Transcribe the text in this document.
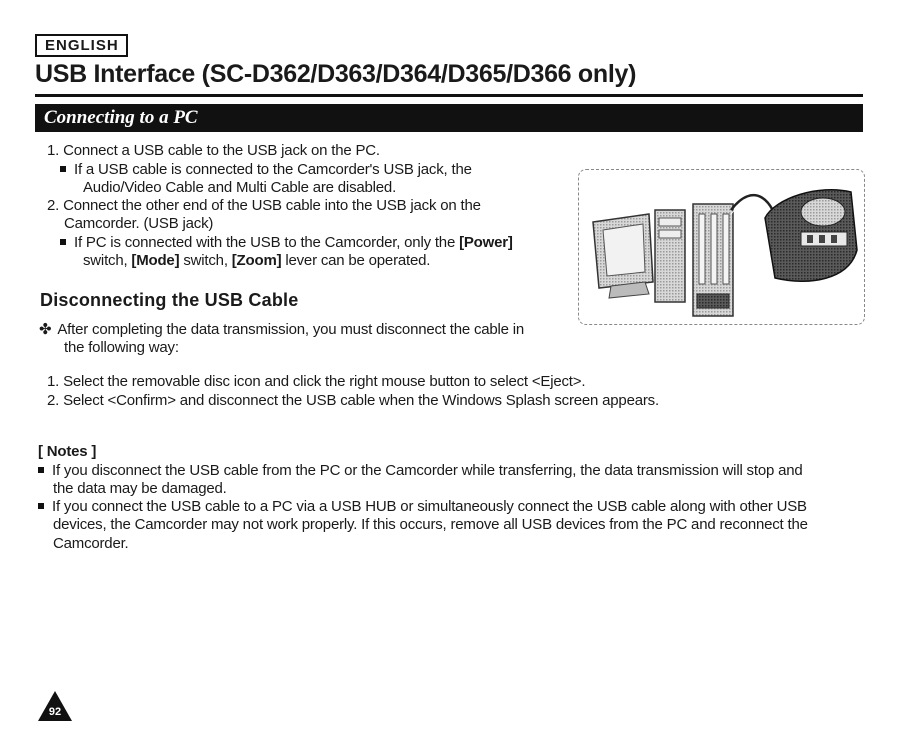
ENGLISH
USB Interface (SC-D362/D363/D364/D365/D366 only)
Connecting to a PC
1. Connect a USB cable to the USB jack on the PC.
If a USB cable is connected to the Camcorder's USB jack, the
Audio/Video Cable and Multi Cable are disabled.
2. Connect the other end of the USB cable into the USB jack on the
Camcorder. (USB jack)
If PC is connected with the USB to the Camcorder, only the [Power]
switch, [Mode] switch, [Zoom] lever can be operated.
Disconnecting the USB Cable
✤ After completing the data transmission, you must disconnect the cable in
the following way:
1. Select the removable disc icon and click the right mouse button to select <Eject>.
2. Select <Confirm> and disconnect the USB cable when the Windows Splash screen appears.
[ Notes ]
If you disconnect the USB cable from the PC or the Camcorder while transferring, the data transmission will stop and
the data may be damaged.
If you connect the USB cable to a PC via a USB HUB or simultaneously connect the USB cable along with other USB
devices, the Camcorder may not work properly. If this occurs, remove all USB devices from the PC and reconnect the
Camcorder.
92
